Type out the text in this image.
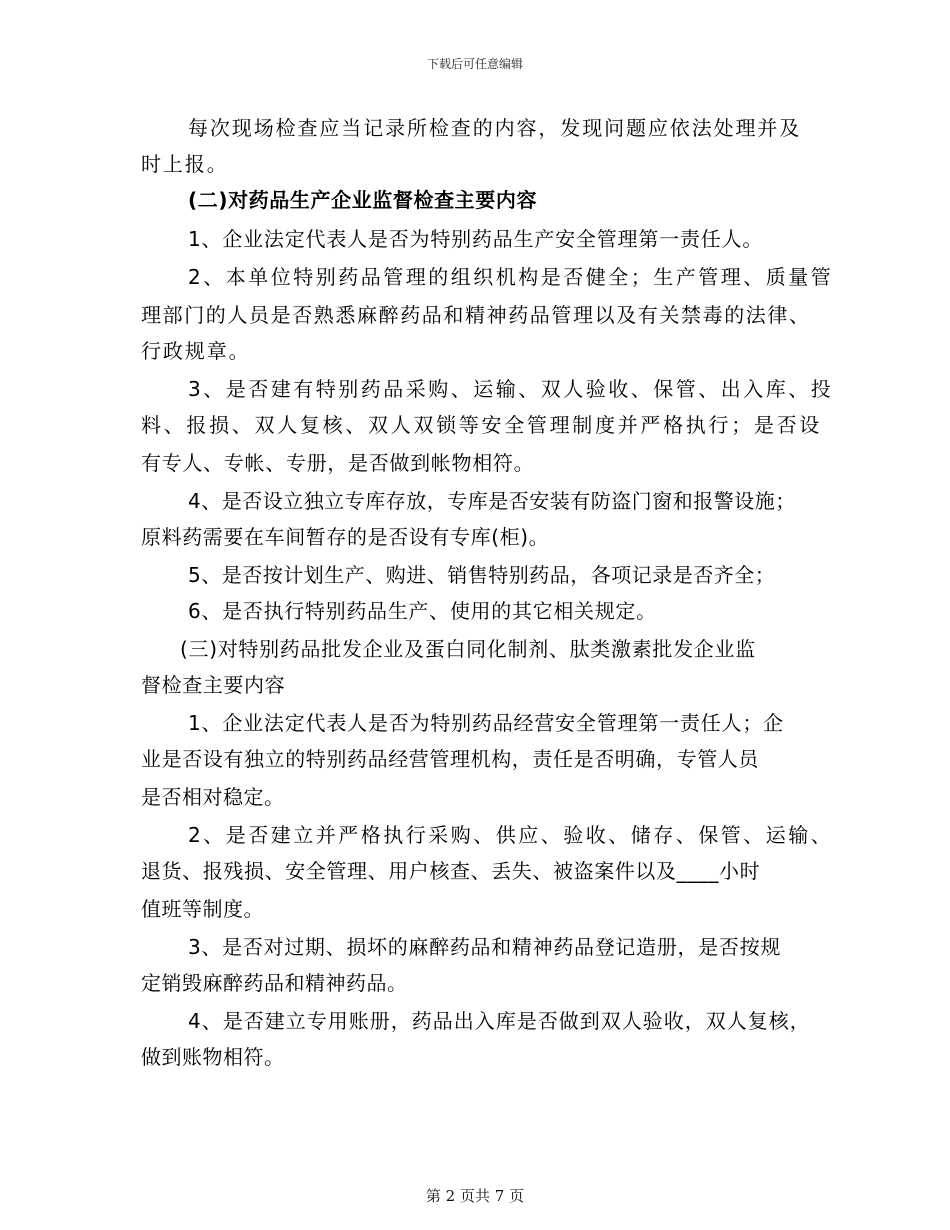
下载后可任意编辑
每次现场检查应当记录所检查的内容，发现问题应依法处理并及
时上报。
(二)对药品生产企业监督检查主要内容
1、企业法定代表人是否为特别药品生产安全管理第一责任人。
2、本单位特别药品管理的组织机构是否健全；生产管理、质量管
理部门的人员是否熟悉麻醉药品和精神药品管理以及有关禁毒的法律、
行政规章。
3、是否建有特别药品采购、运输、双人验收、保管、出入库、投
料、报损、双人复核、双人双锁等安全管理制度并严格执行；是否设
有专人、专帐、专册，是否做到帐物相符。
4、是否设立独立专库存放，专库是否安装有防盗门窗和报警设施；
原料药需要在车间暂存的是否设有专库(柜)。
5、是否按计划生产、购进、销售特别药品，各项记录是否齐全；
6、是否执行特别药品生产、使用的其它相关规定。
(三)对特别药品批发企业及蛋白同化制剂、肽类激素批发企业监
督检查主要内容
1、企业法定代表人是否为特别药品经营安全管理第一责任人；企
业是否设有独立的特别药品经营管理机构，责任是否明确，专管人员
是否相对稳定。
2、是否建立并严格执行采购、供应、验收、储存、保管、运输、
退货、报残损、安全管理、用户核查、丢失、被盗案件以及____小时
值班等制度。
3、是否对过期、损坏的麻醉药品和精神药品登记造册，是否按规
定销毁麻醉药品和精神药品。
4、是否建立专用账册，药品出入库是否做到双人验收，双人复核，
做到账物相符。
第 2 页共 7 页
